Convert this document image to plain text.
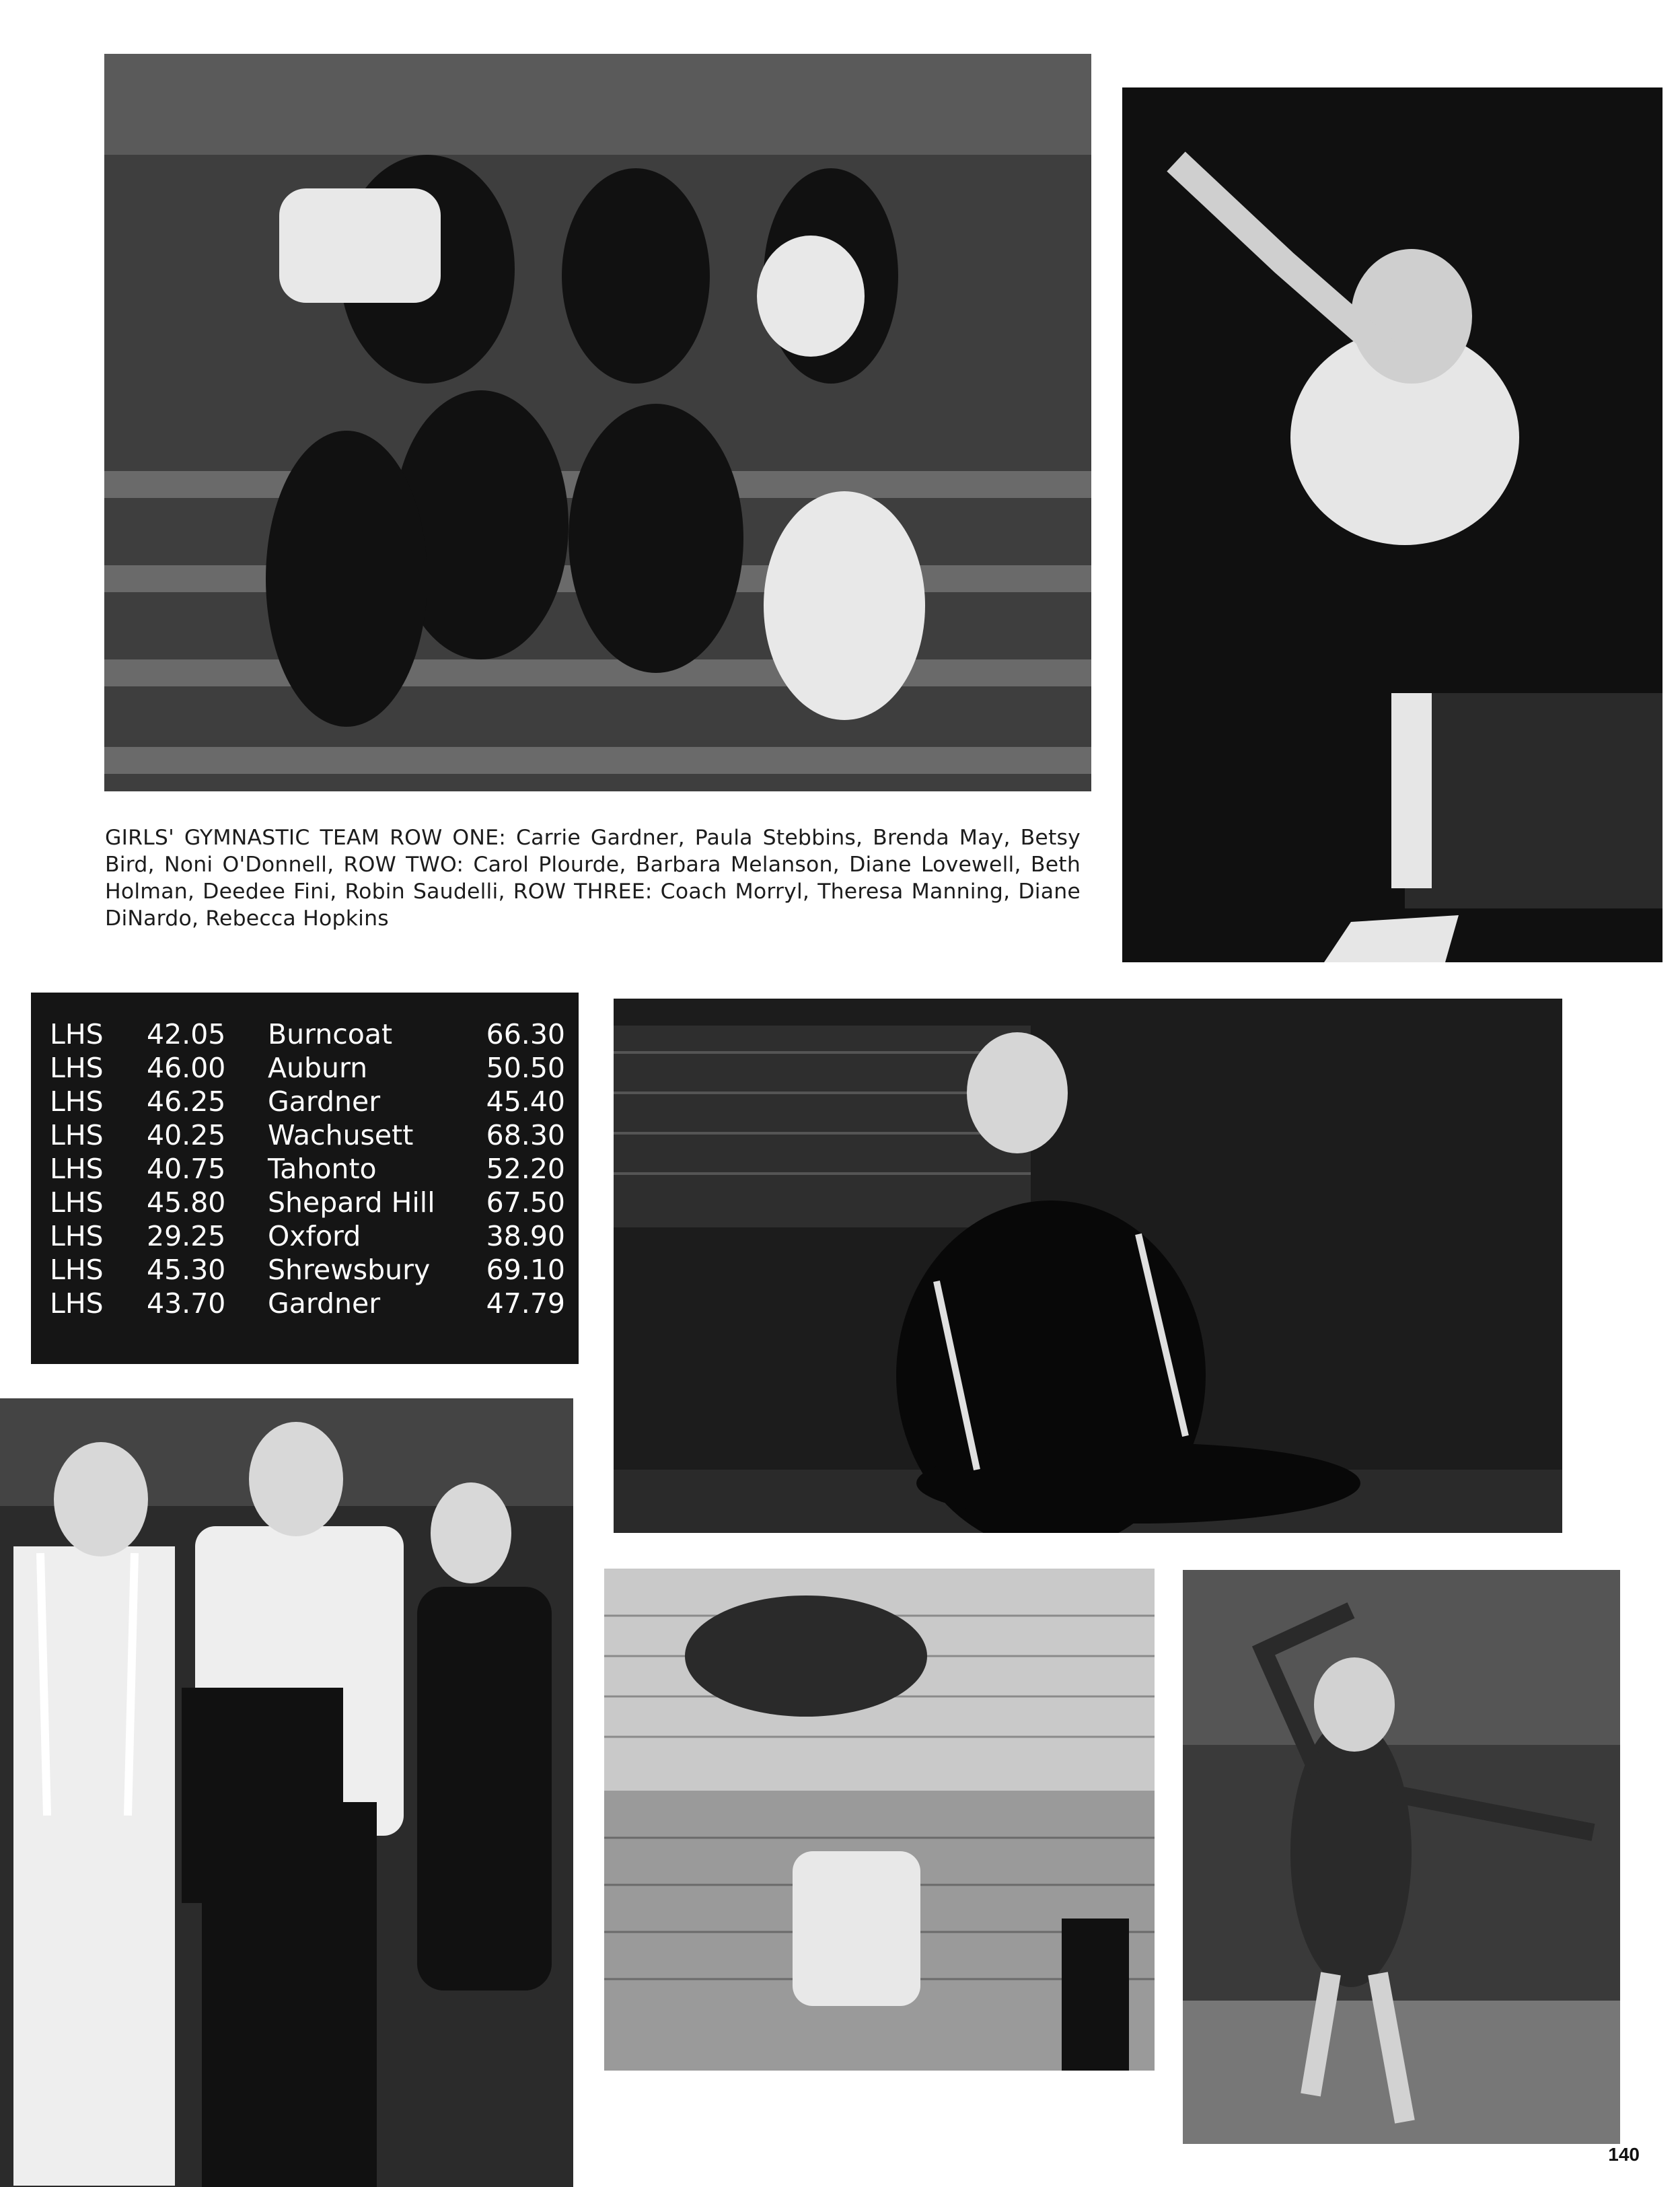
GIRLS' GYMNASTIC TEAM ROW ONE: Carrie Gardner, Paula Stebbins, Brenda May, Betsy Bird, Noni O'Donnell, ROW TWO: Carol Plourde, Barbara Melanson, Diane Lovewell, Beth Holman, Deedee Fini, Robin Saudelli, ROW THREE: Coach Morryl, Theresa Manning, Diane DiNardo, Rebecca Hopkins
LHS 42.05 Burncoat	66.30
LHS 46.00 Auburn	50.50
LHS 46.25 Gardner	45.40
LHS 40.25 Wachusett	68.30
LHS 40.75 Tahonto	52.20
LHS 45.80 Shepard Hill 67.50
LHS 29.25 Oxford	38.90
LHS 45.30 Shrewsbury 69.10
LHS 43.70 Gardner	47.79
140
